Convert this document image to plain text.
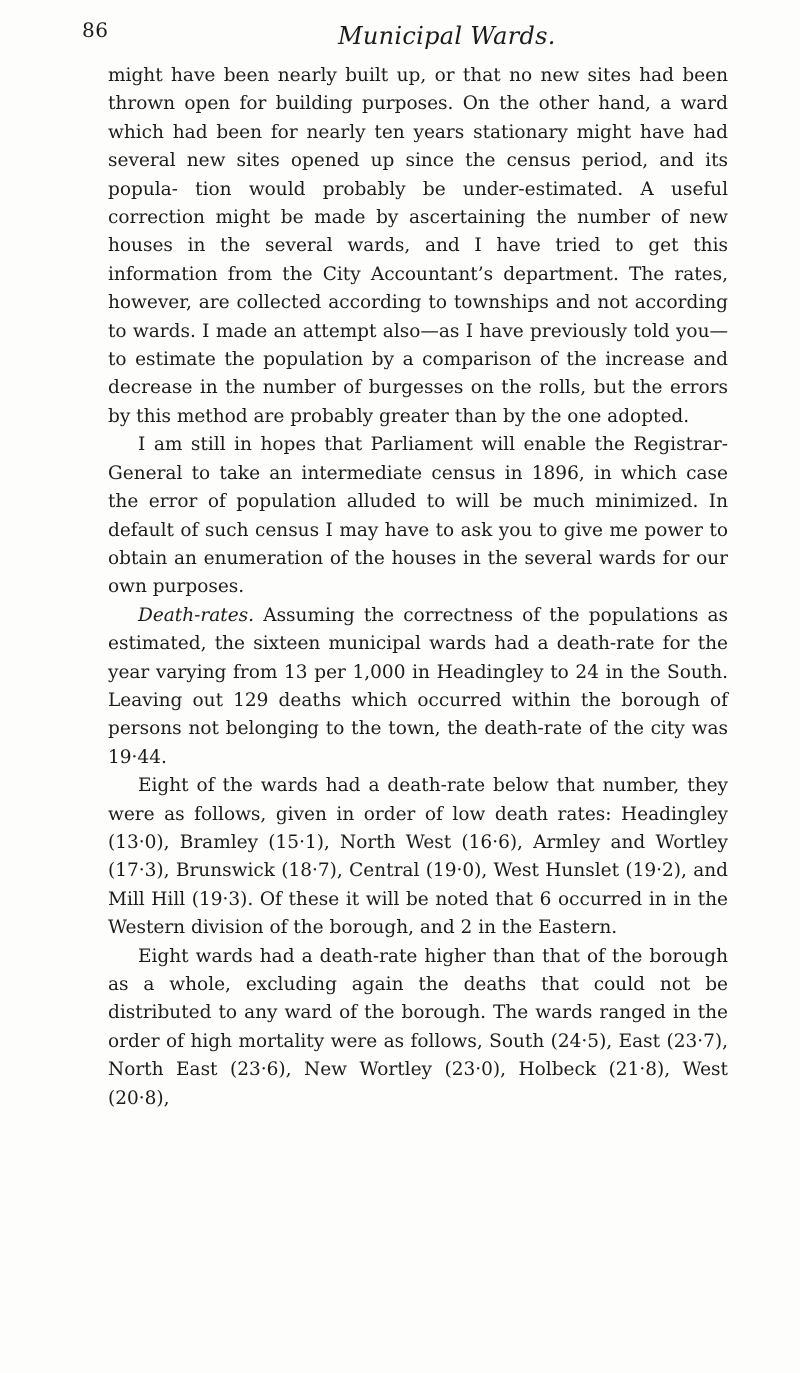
86	Municipal Wards.

might have been nearly built up, or that no new sites had been thrown open for building purposes. On the other hand, a ward which had been for nearly ten years stationary might have had several new sites opened up since the census period, and its popula- tion would probably be under-estimated. A useful correction might be made by ascertaining the number of new houses in the several wards, and I have tried to get this information from the City Accountant’s department. The rates, however, are collected according to townships and not according to wards. I made an attempt also—as I have previously told you—to estimate the population by a comparison of the increase and decrease in the number of burgesses on the rolls, but the errors by this method are probably greater than by the one adopted.

I am still in hopes that Parliament will enable the Registrar-General to take an intermediate census in 1896, in which case the error of population alluded to will be much minimized. In default of such census I may have to ask you to give me power to obtain an enumeration of the houses in the several wards for our own purposes.

Death-rates. Assuming the correctness of the populations as estimated, the sixteen municipal wards had a death-rate for the year varying from 13 per 1,000 in Headingley to 24 in the South. Leaving out 129 deaths which occurred within the borough of persons not belonging to the town, the death-rate of the city was 19·44.

Eight of the wards had a death-rate below that number, they were as follows, given in order of low death rates: Headingley (13·0), Bramley (15·1), North West (16·6), Armley and Wortley (17·3), Brunswick (18·7), Central (19·0), West Hunslet (19·2), and Mill Hill (19·3). Of these it will be noted that 6 occurred in in the Western division of the borough, and 2 in the Eastern.

Eight wards had a death-rate higher than that of the borough as a whole, excluding again the deaths that could not be distributed to any ward of the borough. The wards ranged in the order of high mortality were as follows, South (24·5), East (23·7), North East (23·6), New Wortley (23·0), Holbeck (21·8), West (20·8),
